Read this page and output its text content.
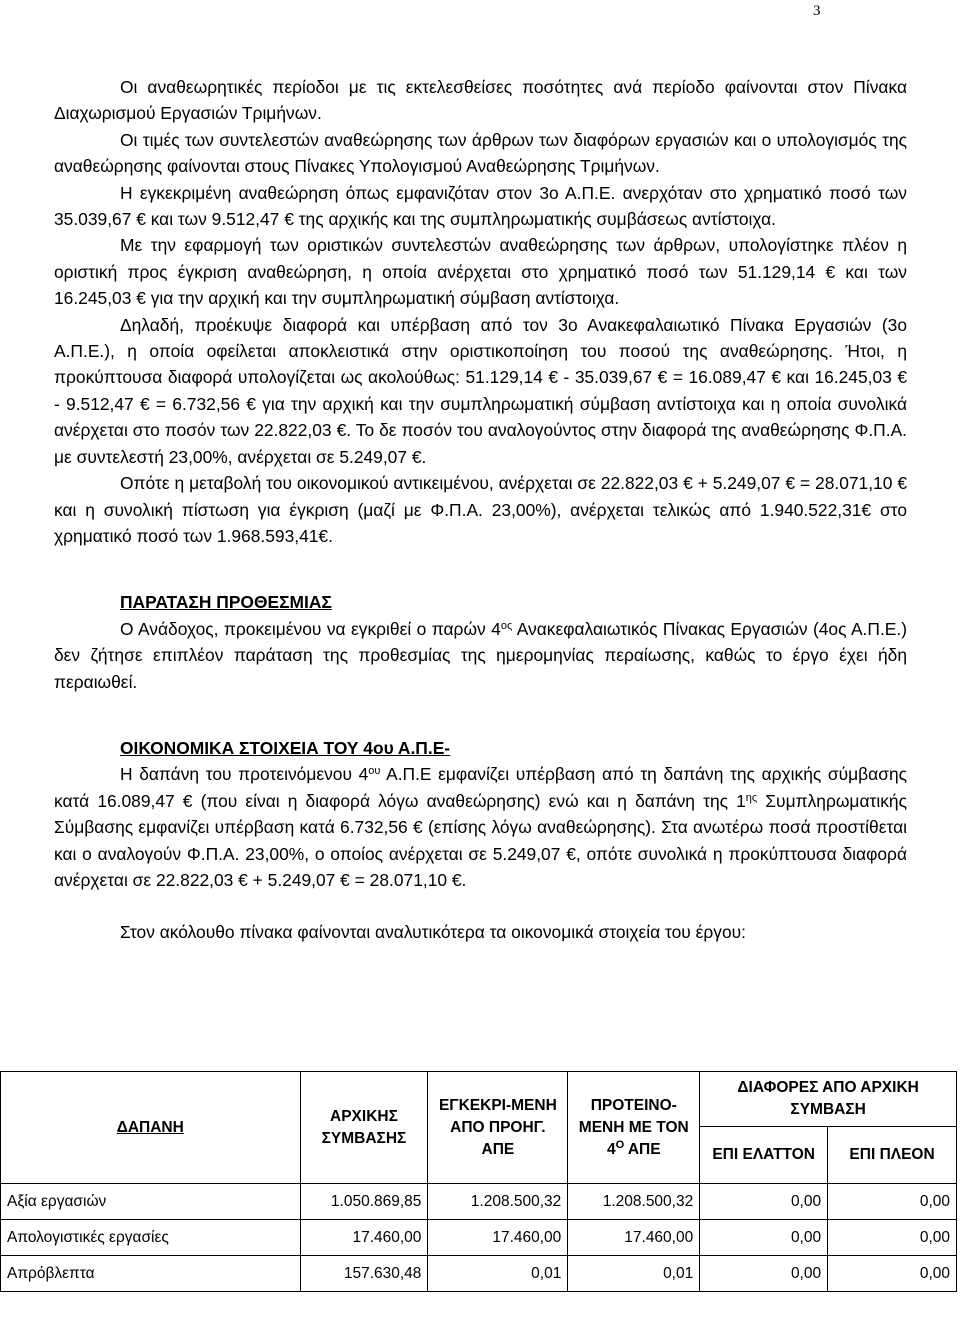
3

Οι αναθεωρητικές περίοδοι με τις εκτελεσθείσες ποσότητες ανά περίοδο φαίνονται στον Πίνακα Διαχωρισμού Εργασιών Τριμήνων.

Οι τιμές των συντελεστών αναθεώρησης των άρθρων των διαφόρων εργασιών και ο υπολογισμός της αναθεώρησης φαίνονται στους Πίνακες Υπολογισμού Αναθεώρησης Τριμήνων.

Η εγκεκριμένη αναθεώρηση όπως εμφανιζόταν στον 3ο Α.Π.Ε. ανερχόταν στο χρηματικό ποσό των 35.039,67 € και των 9.512,47 € της αρχικής και της συμπληρωματικής συμβάσεως αντίστοιχα.

Με την εφαρμογή των οριστικών συντελεστών αναθεώρησης των άρθρων, υπολογίστηκε πλέον η οριστική προς έγκριση αναθεώρηση, η οποία ανέρχεται στο χρηματικό ποσό των 51.129,14 € και των 16.245,03 € για την αρχική και την συμπληρωματική σύμβαση αντίστοιχα.

Δηλαδή, προέκυψε διαφορά και υπέρβαση από τον 3ο Ανακεφαλαιωτικό Πίνακα Εργασιών (3ο Α.Π.Ε.), η οποία οφείλεται αποκλειστικά στην οριστικοποίηση του ποσού της αναθεώρησης. Ήτοι, η προκύπτουσα διαφορά υπολογίζεται ως ακολούθως: 51.129,14 € - 35.039,67 € = 16.089,47 € και 16.245,03 € - 9.512,47 € = 6.732,56 € για την αρχική και την συμπληρωματική σύμβαση αντίστοιχα και η οποία συνολικά ανέρχεται στο ποσόν των 22.822,03 €. Το δε ποσόν του αναλογούντος στην διαφορά της αναθεώρησης Φ.Π.Α. με συντελεστή 23,00%, ανέρχεται σε 5.249,07 €.

Οπότε η μεταβολή του οικονομικού αντικειμένου, ανέρχεται σε 22.822,03 € + 5.249,07 € = 28.071,10 € και η συνολική πίστωση για έγκριση (μαζί με Φ.Π.Α. 23,00%), ανέρχεται τελικώς από 1.940.522,31€ στο χρηματικό ποσό των 1.968.593,41€.

ΠΑΡΑΤΑΣΗ ΠΡΟΘΕΣΜΙΑΣ

Ο Ανάδοχος, προκειμένου να εγκριθεί ο παρών $4^{o\varsigma}$ Ανακεφαλαιωτικός Πίνακας Εργασιών (4ος Α.Π.Ε.) δεν ζήτησε επιπλέον παράταση της προθεσμίας της ημερομηνίας περαίωσης, καθώς το έργο έχει ήδη περαιωθεί.

ΟΙΚΟΝΟΜΙΚΑ ΣΤΟΙΧΕΙΑ ΤΟΥ 4ου Α.Π.Ε-

Η δαπάνη του προτεινόμενου $4^{o\upsilon}$ Α.Π.Ε εμφανίζει υπέρβαση από τη δαπάνη της αρχικής σύμβασης κατά 16.089,47 € (που είναι η διαφορά λόγω αναθεώρησης) ενώ και η δαπάνη της $1^{\eta\varsigma}$ Συμπληρωματικής Σύμβασης εμφανίζει υπέρβαση κατά 6.732,56 € (επίσης λόγω αναθεώρησης). Στα ανωτέρω ποσά προστίθεται και ο αναλογούν Φ.Π.Α. 23,00%, ο οποίος ανέρχεται σε 5.249,07 €, οπότε συνολικά η προκύπτουσα διαφορά ανέρχεται σε 22.822,03 € + 5.249,07 € = 28.071,10 €.

Στον ακόλουθο πίνακα φαίνονται αναλυτικότερα τα οικονομικά στοιχεία του έργου:

ΔΑΠΑΝΗ	ΑΡΧΙΚΗΣ ΣΥΜΒΑΣΗΣ	ΕΓΚΕΚΡΙ-ΜΕΝΗ ΑΠΟ ΠΡΟΗΓ. ΑΠΕ	ΠΡΟΤΕΙΝΟ-ΜΕΝΗ ΜΕ ΤΟΝ $4^O$ ΑΠΕ	ΔΙΑΦΟΡΕΣ ΑΠΟ ΑΡΧΙΚΗ ΣΥΜΒΑΣΗ	
				ΕΠΙ ΕΛΑΤΤΟΝ	ΕΠΙ ΠΛΕΟΝ
Αξία εργασιών	1.050.869,85	1.208.500,32	1.208.500,32	0,00	0,00
Απολογιστικές εργασίες	17.460,00	17.460,00	17.460,00	0,00	0,00
Απρόβλεπτα	157.630,48	0,01	0,01	0,00	0,00
